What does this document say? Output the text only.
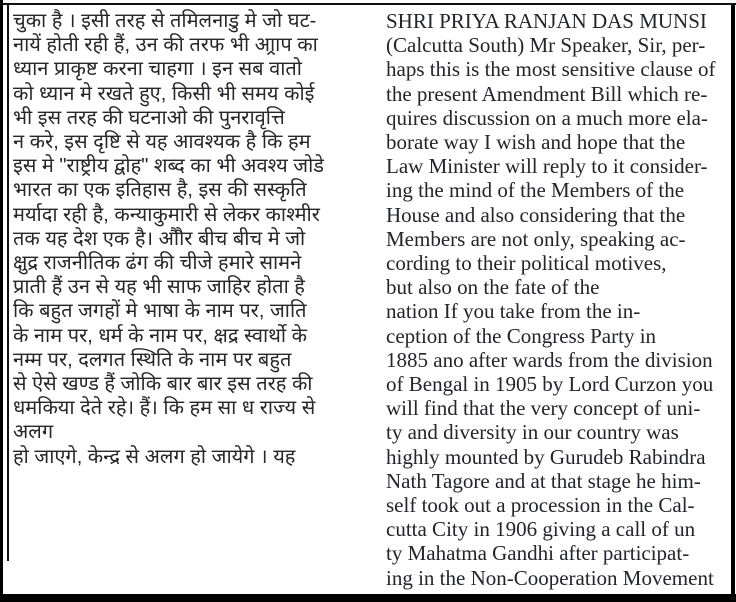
चुका है । इसी तरह से तमिलनाडु मे जो घट-
नायें होती रही हैं, उन की तरफ भी आ्राप का
ध्यान प्राकृष्ट करना चाहगा । इन सब वातो
को ध्यान मे रखते हुए, किसी भी समय कोई
भी इस तरह की घटनाओ की पुनरावृत्ति
न करे, इस दृष्टि से यह आवश्यक है कि हम
इस मे "राष्ट्रीय द्वोह" शब्द का भी अवश्य जोडे
भारत का एक इतिहास है, इस की सस्कृति
मर्यादा रही है, कन्याकुमारी से लेकर काश्मीर
तक यह देश एक है। औौर बीच बीच मे जो
क्षुद्र राजनीतिक ढंग की चीजे हमारे सामने
प्राती हैं उन से यह भी साफ जाहिर होता है
कि बहुत जगहों मे भाषा के नाम पर, जाति
के नाम पर, धर्म के नाम पर, क्षद्र स्वार्थो के
नम्म पर, दलगत स्थिति के नाम पर बहुत
से ऐसे खण्ड हैं जोकि बार बार इस तरह की
धमकिया देते रहे। हैं। कि हम सा ध राज्य से
अलग
हो जाएगे, केन्द्र से अलग हो जायेगे । यह
SHRI PRIYA RANJAN DAS MUNSI
(Calcutta South) Mr Speaker, Sir, per-
haps this is the most sensitive clause of
the present Amendment Bill which re-
quires discussion on a much more ela-
borate way I wish and hope that the
Law Minister will reply to it consider-
ing the mind of the Members of the
House and also considering that the
Members are not only, speaking ac-
cording to their political motives,
but also on the fate of the
nation If you take from the in-
ception of the Congress Party in
1885 ano after wards from the division
of Bengal in 1905 by Lord Curzon you
will find that the very concept of uni-
ty and diversity in our country was
highly mounted by Gurudeb Rabindra
Nath Tagore and at that stage he him-
self took out a procession in the Cal-
cutta City in 1906 giving a call of un
ty Mahatma Gandhi after participat-
ing in the Non-Cooperation Movement
